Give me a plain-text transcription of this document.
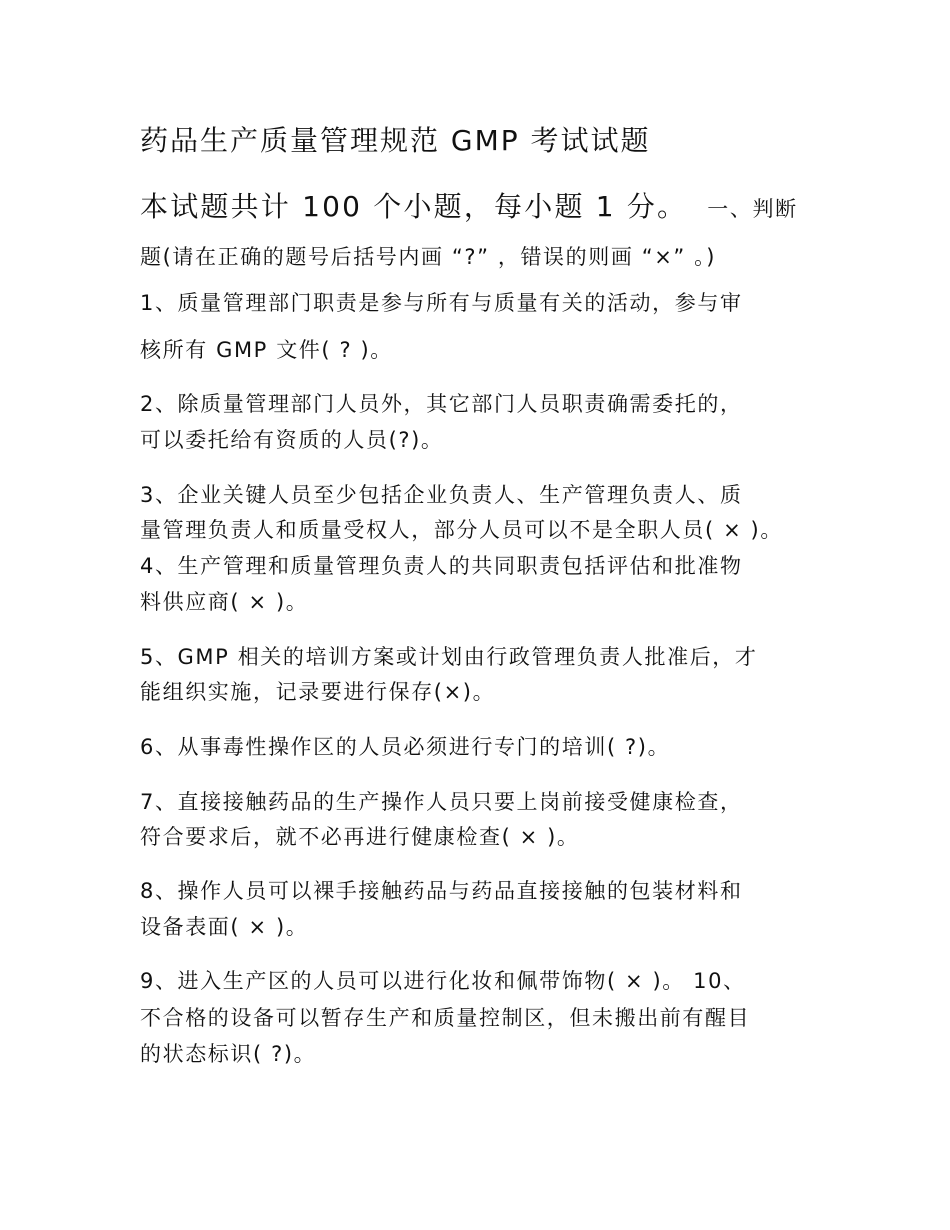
药品生产质量管理规范 GMP 考试试题
本试题共计 100 个小题，每小题 1 分。 一、判断
题(请在正确的题号后括号内画 “?” ，错误的则画 “×” 。)
1、质量管理部门职责是参与所有与质量有关的活动，参与审
核所有 GMP 文件( ? )。
2、除质量管理部门人员外，其它部门人员职责确需委托的，
可以委托给有资质的人员(?)。
3、企业关键人员至少包括企业负责人、生产管理负责人、质
量管理负责人和质量受权人，部分人员可以不是全职人员( × )。
4、生产管理和质量管理负责人的共同职责包括评估和批准物
料供应商( × )。
5、GMP 相关的培训方案或计划由行政管理负责人批准后，才
能组织实施，记录要进行保存(×)。
6、从事毒性操作区的人员必须进行专门的培训( ?)。
7、直接接触药品的生产操作人员只要上岗前接受健康检查，
符合要求后，就不必再进行健康检查( × )。
8、操作人员可以裸手接触药品与药品直接接触的包装材料和
设备表面( × )。
9、进入生产区的人员可以进行化妆和佩带饰物( × )。 10、
不合格的设备可以暂存生产和质量控制区，但未搬出前有醒目
的状态标识( ?)。
